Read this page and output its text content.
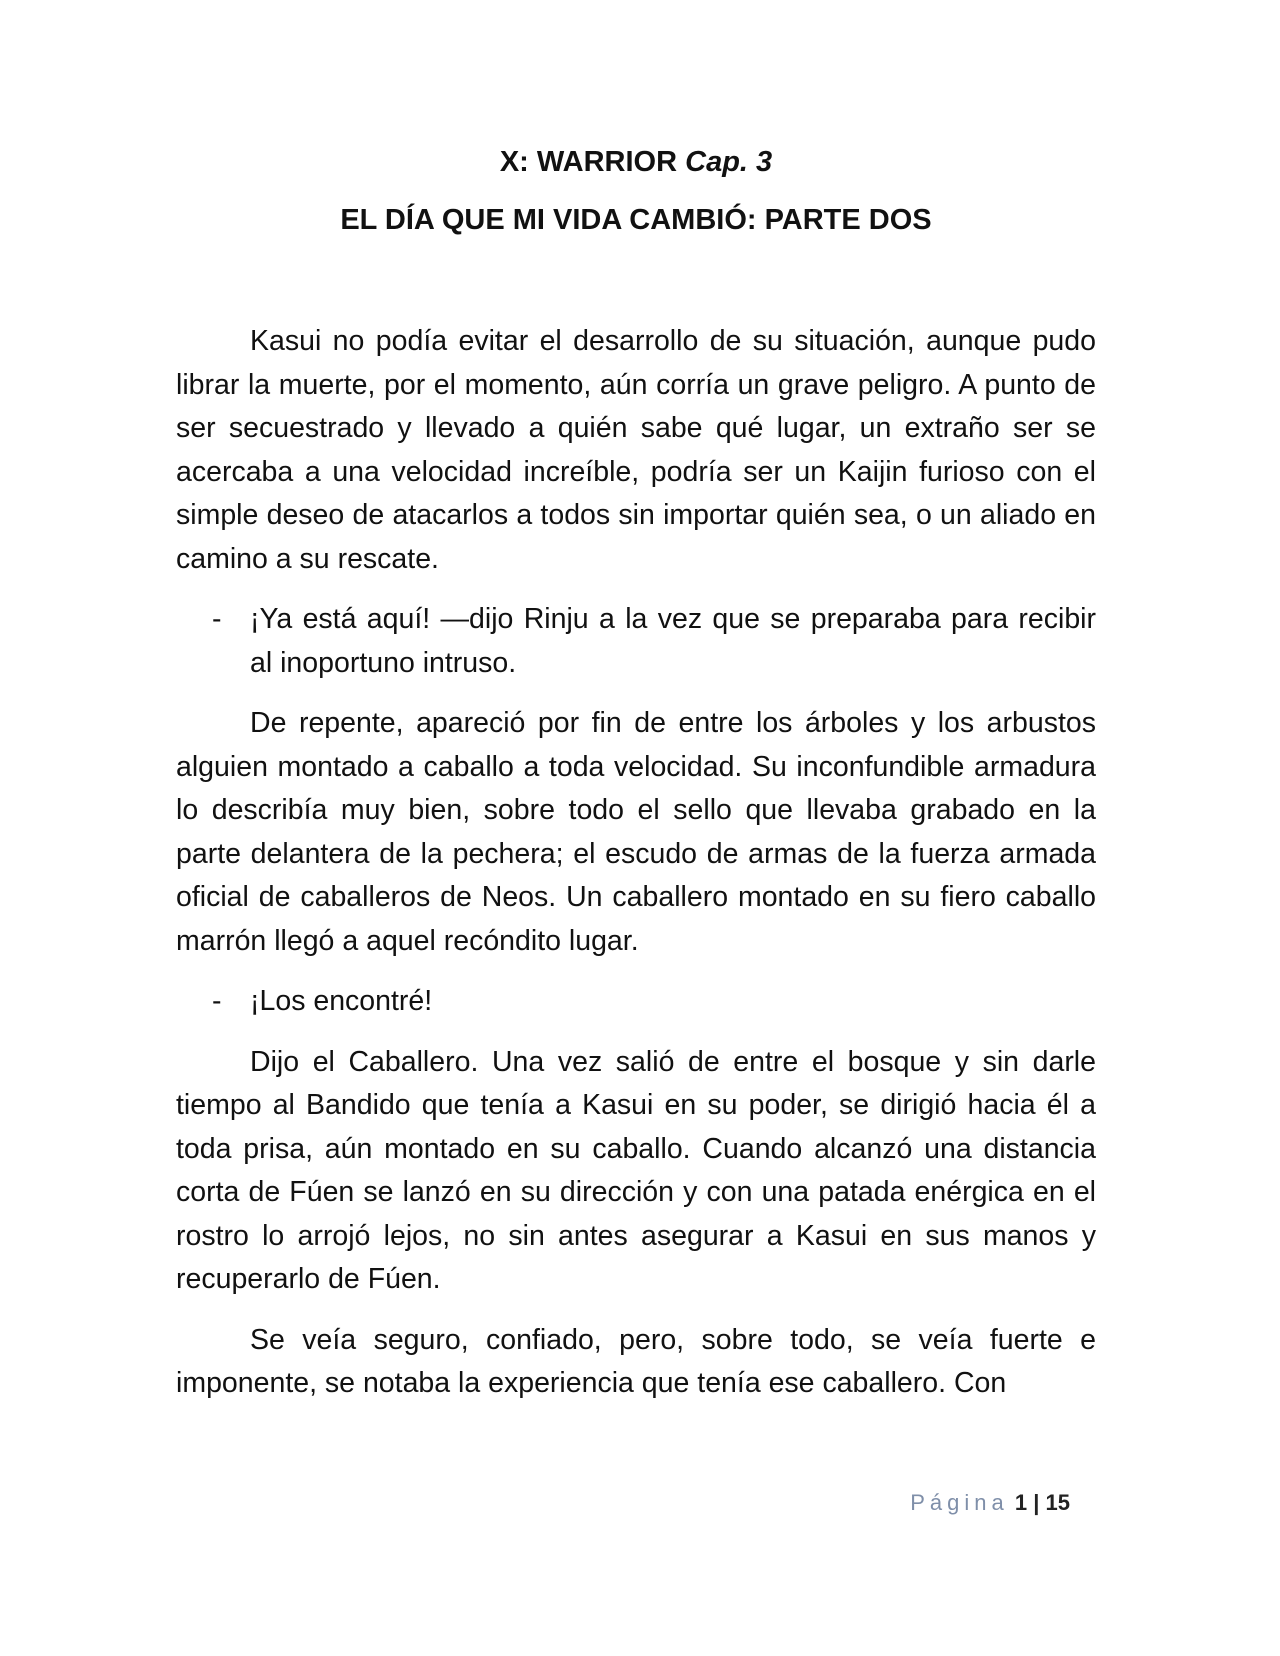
X: WARRIOR Cap. 3
EL DÍA QUE MI VIDA CAMBIÓ: PARTE DOS

Kasui no podía evitar el desarrollo de su situación, aunque pudo librar la muerte, por el momento, aún corría un grave peligro. A punto de ser secuestrado y llevado a quién sabe qué lugar, un extraño ser se acercaba a una velocidad increíble, podría ser un Kaijin furioso con el simple deseo de atacarlos a todos sin importar quién sea, o un aliado en camino a su rescate.

-	¡Ya está aquí! —dijo Rinju a la vez que se preparaba para recibir al inoportuno intruso.

De repente, apareció por fin de entre los árboles y los arbustos alguien montado a caballo a toda velocidad. Su inconfundible armadura lo describía muy bien, sobre todo el sello que llevaba grabado en la parte delantera de la pechera; el escudo de armas de la fuerza armada oficial de caballeros de Neos. Un caballero montado en su fiero caballo marrón llegó a aquel recóndito lugar.

-	¡Los encontré!

Dijo el Caballero. Una vez salió de entre el bosque y sin darle tiempo al Bandido que tenía a Kasui en su poder, se dirigió hacia él a toda prisa, aún montado en su caballo. Cuando alcanzó una distancia corta de Fúen se lanzó en su dirección y con una patada enérgica en el rostro lo arrojó lejos, no sin antes asegurar a Kasui en sus manos y recuperarlo de Fúen.

Se veía seguro, confiado, pero, sobre todo, se veía fuerte e imponente, se notaba la experiencia que tenía ese caballero. Con

Página 1 | 15
